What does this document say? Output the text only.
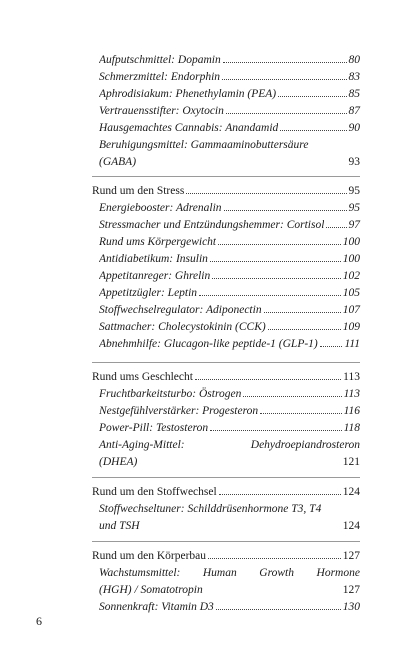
Aufputschmittel: Dopamin	80
Schmerzmittel: Endorphin	83
Aphrodisiakum: Phenethylamin (PEA)	85
Vertrauensstifter: Oxytocin	87
Hausgemachtes Cannabis: Anandamid	90
Beruhigungsmittel: Gammaaminobuttersäure
(GABA)	93
Rund um den Stress	95
Energiebooster: Adrenalin	95
Stressmacher und Entzündungshemmer: Cortisol 97
Rund ums Körpergewicht	100
Antidiabetikum: Insulin	100
Appetitanreger: Ghrelin	102
Appetitzügler: Leptin	105
Stoffwechselregulator: Adiponectin	107
Sattmacher: Cholecystokinin (CCK)	109
Abnehmhilfe: Glucagon-like peptide-1 (GLP-1) 111
Rund ums Geschlecht	113
Fruchtbarkeitsturbo: Östrogen	113
Nestgefühlverstärker: Progesteron	116
Power-Pill: Testosteron	118
Anti-Aging-Mittel:	Dehydroepiandrosteron
(DHEA)	121
Rund um den Stoffwechsel	124
Stoffwechseltuner: Schilddrüsenhormone T3, T4
und TSH	124
Rund um den Körperbau	127
Wachstumsmittel: Human Growth Hormone
(HGH) / Somatotropin	127
Sonnenkraft: Vitamin D3	130
6
